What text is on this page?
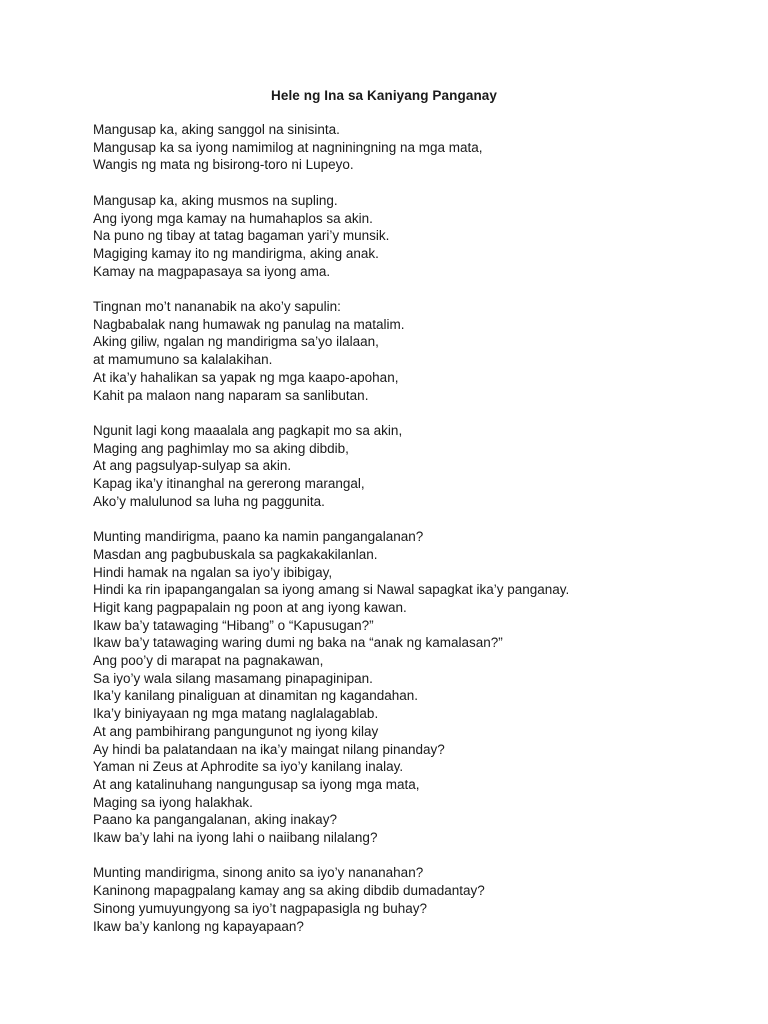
Hele ng Ina sa Kaniyang Panganay
Mangusap ka, aking sanggol na sinisinta.
Mangusap ka sa iyong namimilog at nagniningning na mga mata,
Wangis ng mata ng bisirong-toro ni Lupeyo.
Mangusap ka, aking musmos na supling.
Ang iyong mga kamay na humahaplos sa akin.
Na puno ng tibay at tatag bagaman yari’y munsik.
Magiging kamay ito ng mandirigma, aking anak.
Kamay na magpapasaya sa iyong ama.
Tingnan mo’t nananabik na ako’y sapulin:
Nagbabalak nang humawak ng panulag na matalim.
Aking giliw, ngalan ng mandirigma sa’yo ilalaan,
at mamumuno sa kalalakihan.
At ika’y hahalikan sa yapak ng mga kaapo-apohan,
Kahit pa malaon nang naparam sa sanlibutan.
Ngunit lagi kong maaalala ang pagkapit mo sa akin,
Maging ang paghimlay mo sa aking dibdib,
At ang pagsulyap-sulyap sa akin.
Kapag ika’y itinanghal na gererong marangal,
Ako’y malulunod sa luha ng paggunita.
Munting mandirigma, paano ka namin pangangalanan?
Masdan ang pagbubuskala sa pagkakakilanlan.
Hindi hamak na ngalan sa iyo’y ibibigay,
Hindi ka rin ipapangangalan sa iyong amang si Nawal sapagkat ika’y panganay.
Higit kang pagpapalain ng poon at ang iyong kawan.
Ikaw ba’y tatawaging “Hibang” o “Kapusugan?”
Ikaw ba’y tatawaging waring dumi ng baka na “anak ng kamalasan?”
Ang poo’y di marapat na pagnakawan,
Sa iyo’y wala silang masamang pinapaginipan.
Ika’y kanilang pinaliguan at dinamitan ng kagandahan.
Ika’y biniyayaan ng mga matang naglalagablab.
At ang pambihirang pangungunot ng iyong kilay
Ay hindi ba palatandaan na ika’y maingat nilang pinanday?
Yaman ni Zeus at Aphrodite sa iyo’y kanilang inalay.
At ang katalinuhang nangungusap sa iyong mga mata,
Maging sa iyong halakhak.
Paano ka pangangalanan, aking inakay?
Ikaw ba’y lahi na iyong lahi o naiibang nilalang?
Munting mandirigma, sinong anito sa iyo’y nananahan?
Kaninong mapagpalang kamay ang sa aking dibdib dumadantay?
Sinong yumuyungyong sa iyo’t nagpapasigla ng buhay?
Ikaw ba’y kanlong ng kapayapaan?
